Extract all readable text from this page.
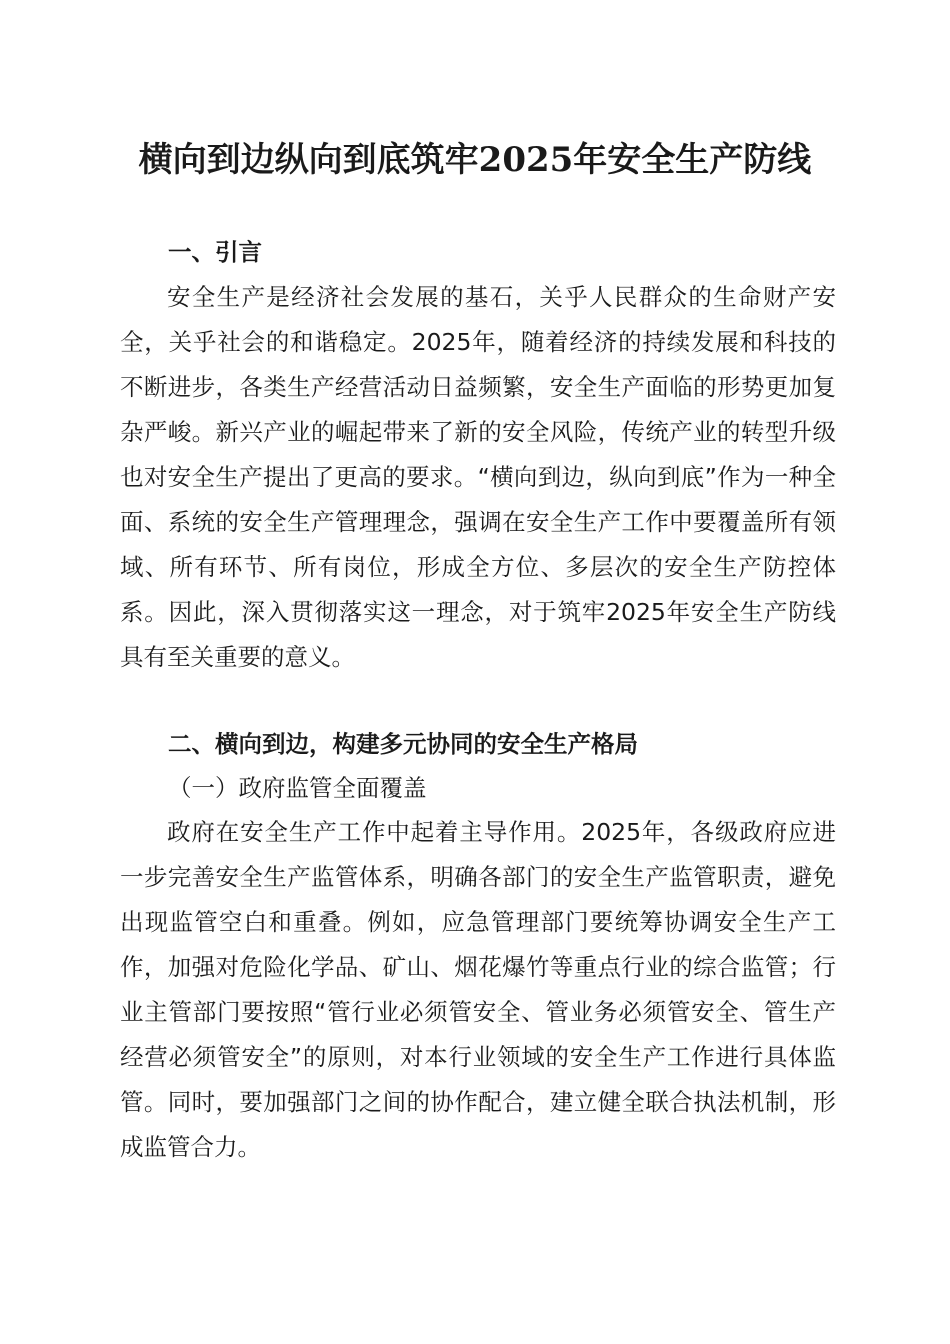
横向到边纵向到底筑牢2025年安全生产防线
一、引言

安全生产是经济社会发展的基石，关乎人民群众的生命财产安全，关乎社会的和谐稳定。2025年，随着经济的持续发展和科技的不断进步，各类生产经营活动日益频繁，安全生产面临的形势更加复杂严峻。新兴产业的崛起带来了新的安全风险，传统产业的转型升级也对安全生产提出了更高的要求。“横向到边，纵向到底”作为一种全面、系统的安全生产管理理念，强调在安全生产工作中要覆盖所有领域、所有环节、所有岗位，形成全方位、多层次的安全生产防控体系。因此，深入贯彻落实这一理念，对于筑牢2025年安全生产防线具有至关重要的意义。

二、横向到边，构建多元协同的安全生产格局
（一）政府监管全面覆盖

政府在安全生产工作中起着主导作用。2025年，各级政府应进一步完善安全生产监管体系，明确各部门的安全生产监管职责，避免出现监管空白和重叠。例如，应急管理部门要统筹协调安全生产工作，加强对危险化学品、矿山、烟花爆竹等重点行业的综合监管；行业主管部门要按照“管行业必须管安全、管业务必须管安全、管生产经营必须管安全”的原则，对本行业领域的安全生产工作进行具体监管。同时，要加强部门之间的协作配合，建立健全联合执法机制，形成监管合力。
